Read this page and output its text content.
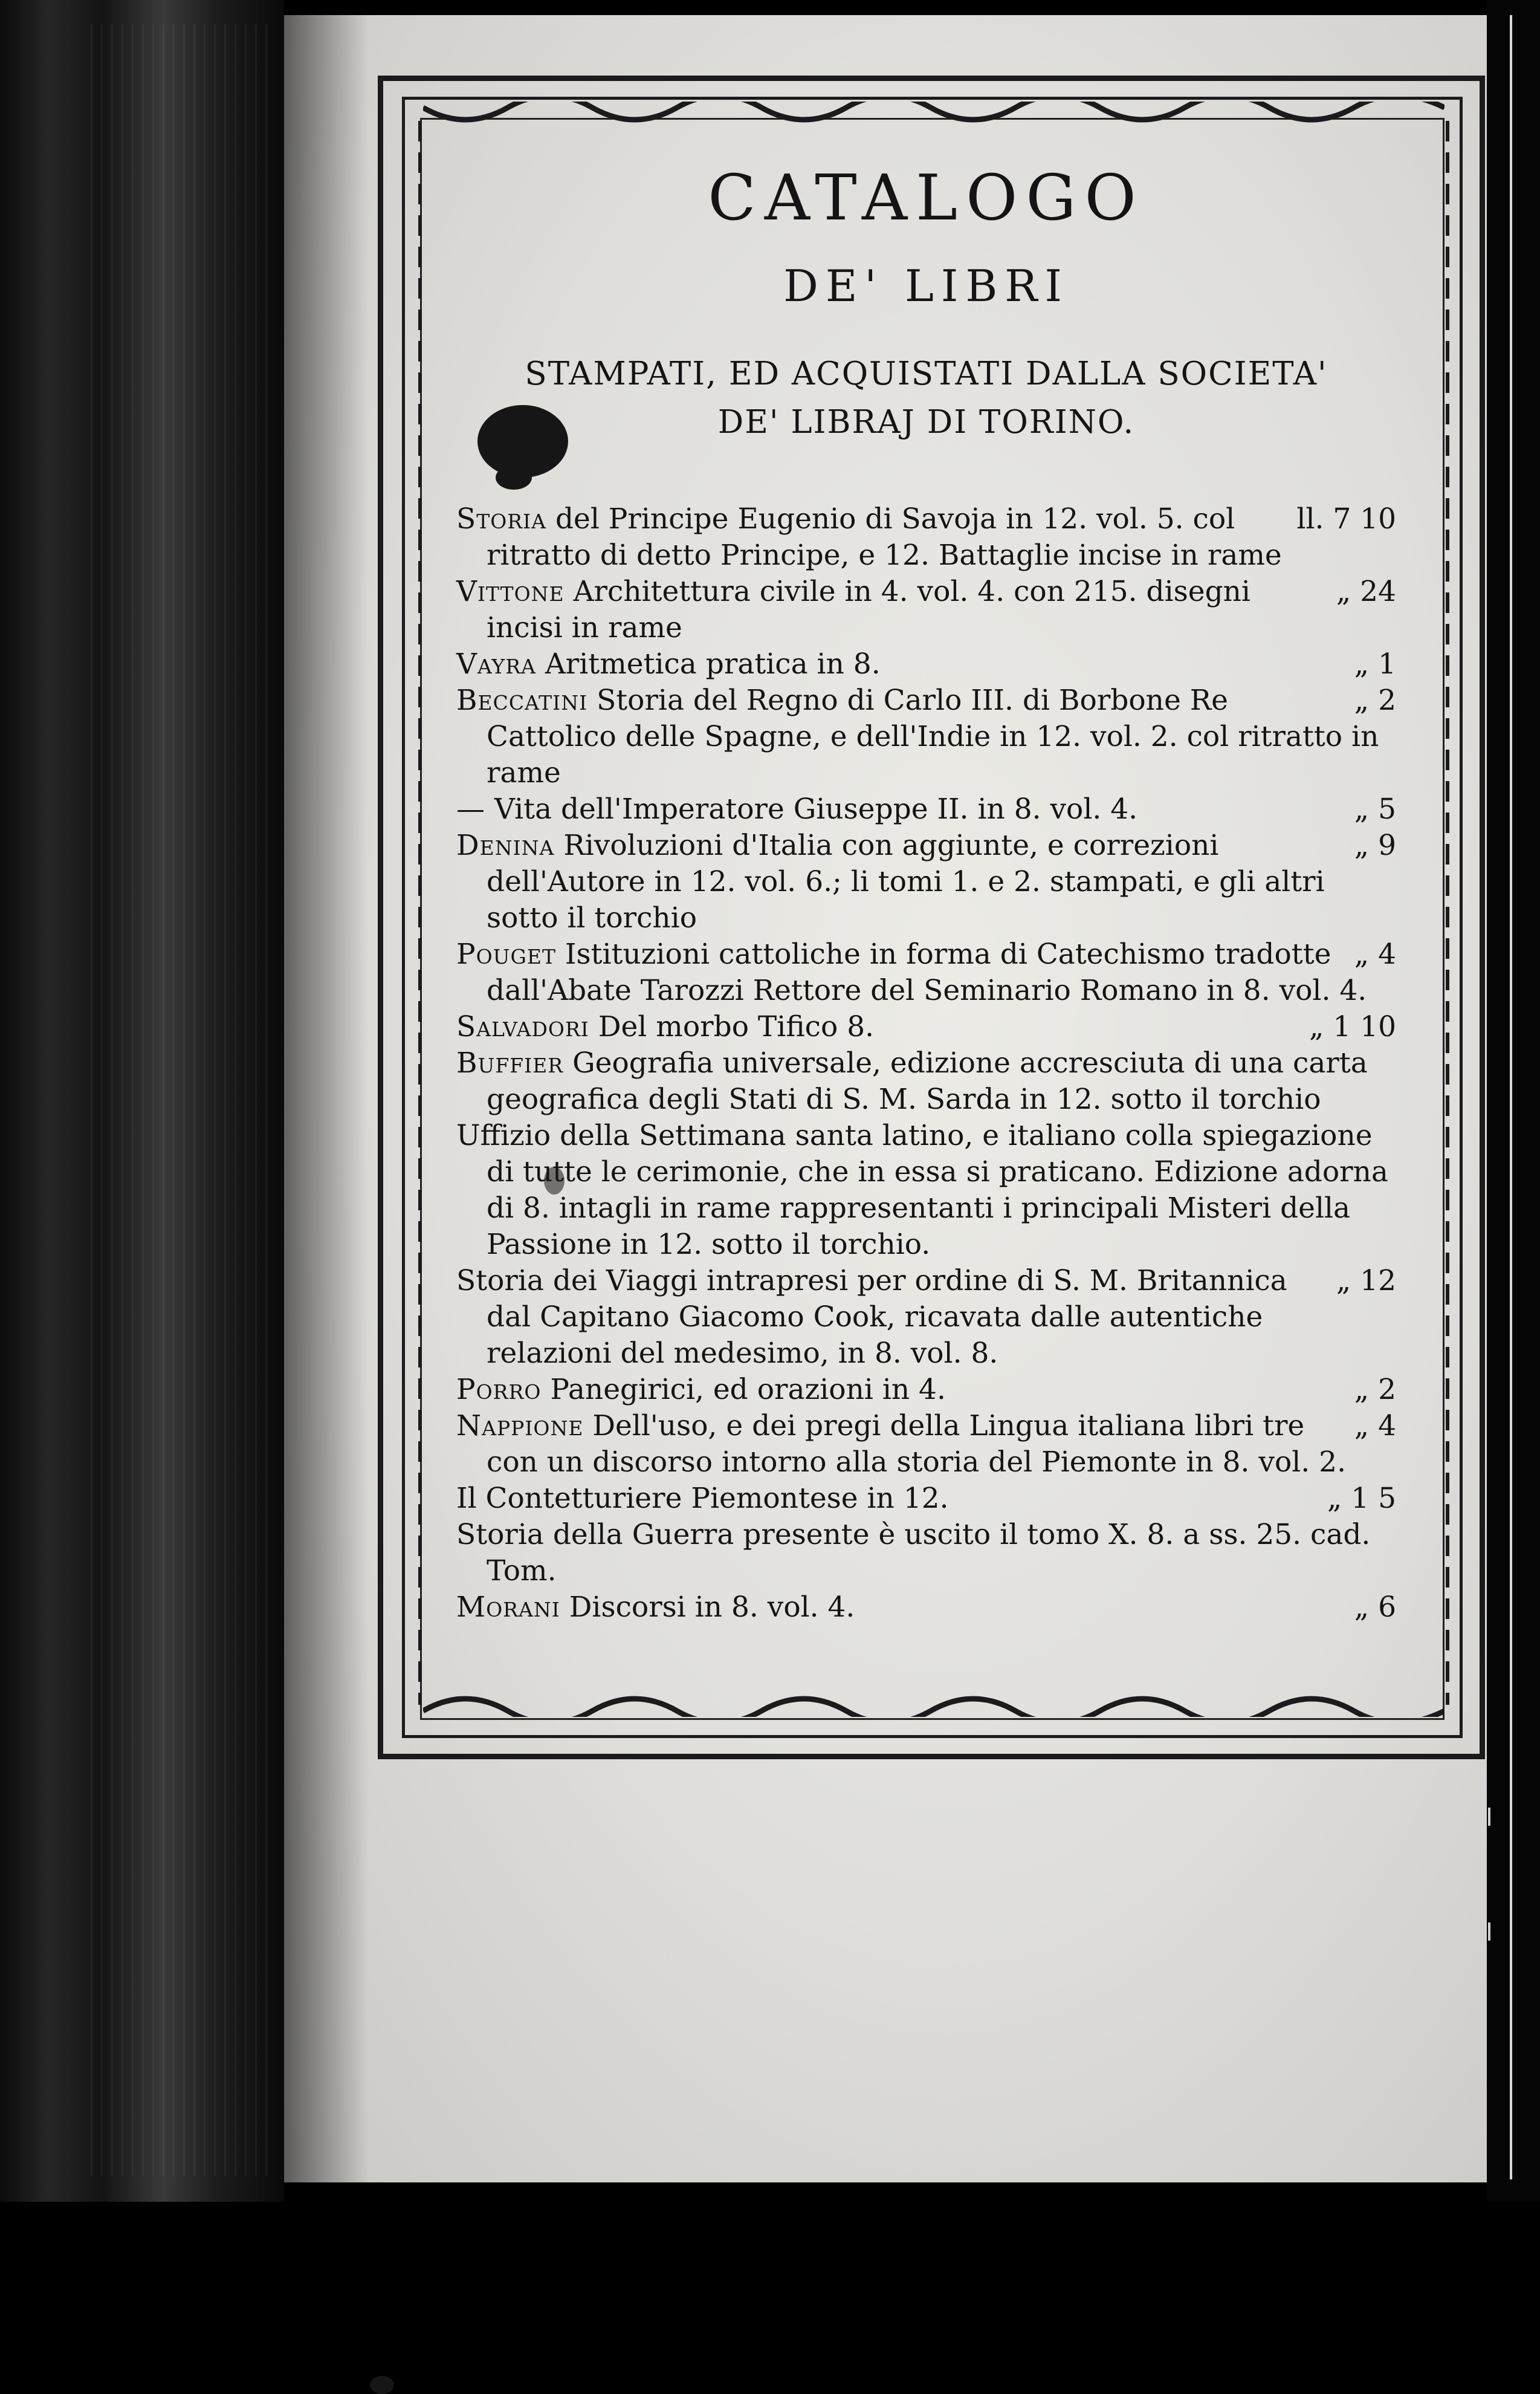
CATALOGO
DE' LIBRI
STAMPATI, ED ACQUISTATI DALLA SOCIETA'
DE' LIBRAJ DI TORINO.

ll. 7 10
Storia del Principe Eugenio di Savoja in 12. vol. 5. col ritratto di detto Principe, e 12. Battaglie incise in rame

„ 24
Vittone Architettura civile in 4. vol. 4. con 215. disegni incisi in rame

„ 1
Vayra Aritmetica pratica in 8.

„ 2
Beccatini Storia del Regno di Carlo III. di Borbone Re Cattolico delle Spagne, e dell'Indie in 12. vol. 2. col ritratto in rame

„ 5
— Vita dell'Imperatore Giuseppe II. in 8. vol. 4.

„ 9
Denina Rivoluzioni d'Italia con aggiunte, e correzioni dell'Autore in 12. vol. 6.; li tomi 1. e 2. stampati, e gli altri sotto il torchio

„ 4
Pouget Istituzioni cattoliche in forma di Catechismo tradotte dall'Abate Tarozzi Rettore del Seminario Romano in 8. vol. 4.

„ 1 10
Salvadori Del morbo Tifico 8.

Buffier Geografia universale, edizione accresciuta di una carta geografica degli Stati di S. M. Sarda in 12. sotto il torchio

Uffizio della Settimana santa latino, e italiano colla spiegazione di tutte le cerimonie, che in essa si praticano. Edizione adorna di 8. intagli in rame rappresentanti i principali Misteri della Passione in 12. sotto il torchio.

„ 12
Storia dei Viaggi intrapresi per ordine di S. M. Britannica dal Capitano Giacomo Cook, ricavata dalle autentiche relazioni del medesimo, in 8. vol. 8.

„ 2
Porro Panegirici, ed orazioni in 4.

„ 4
Nappione Dell'uso, e dei pregi della Lingua italiana libri tre con un discorso intorno alla storia del Piemonte in 8. vol. 2.

„ 1 5
Il Contetturiere Piemontese in 12.

Storia della Guerra presente è uscito il tomo X. 8. a ss. 25. cad. Tom.

„ 6
Morani Discorsi in 8. vol. 4.
